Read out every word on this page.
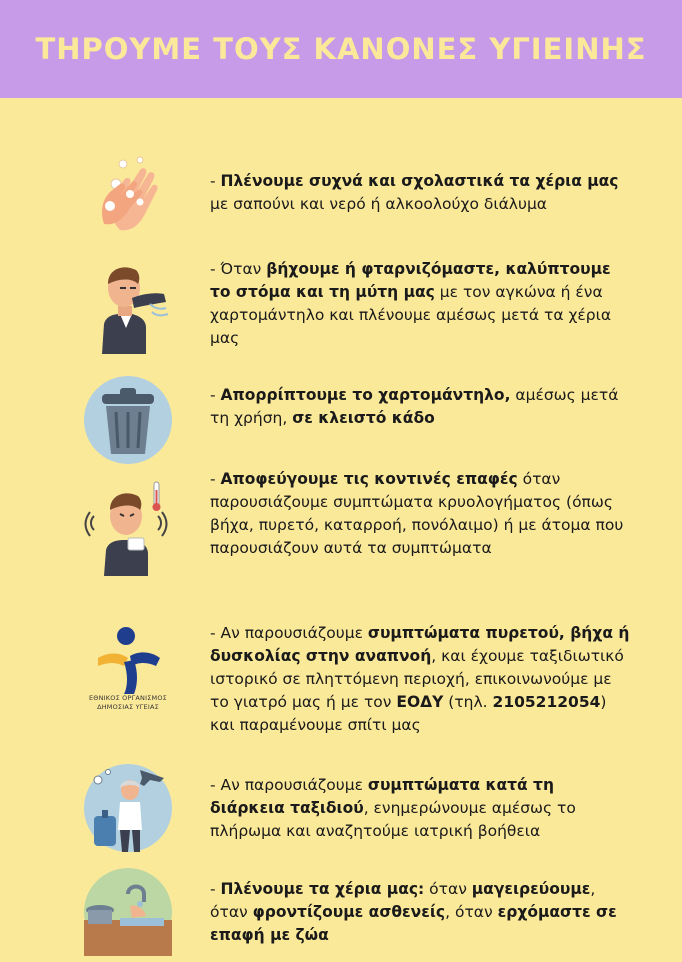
ΤΗΡΟΥΜΕ ΤΟΥΣ ΚΑΝΟΝΕΣ ΥΓΙΕΙΝΗΣ
- Πλένουμε συχνά και σχολαστικά τα χέρια μας με σαπούνι και νερό ή αλκοολούχο διάλυμα
- Όταν βήχουμε ή φταρνιζόμαστε, καλύπτουμε το στόμα και τη μύτη μας με τον αγκώνα ή ένα χαρτομάντηλο και πλένουμε αμέσως μετά τα χέρια μας
- Απορρίπτουμε το χαρτομάντηλο, αμέσως μετά τη χρήση, σε κλειστό κάδο
- Αποφεύγουμε τις κοντινές επαφές όταν παρουσιάζουμε συμπτώματα κρυολογήματος (όπως βήχα, πυρετό, καταρροή, πονόλαιμο) ή με άτομα που παρουσιάζουν αυτά τα συμπτώματα
ΕΘΝΙΚΟΣ ΟΡΓΑΝΙΣΜΟΣ ΔΗΜΟΣΙΑΣ ΥΓΕΙΑΣ
- Αν παρουσιάζουμε συμπτώματα πυρετού, βήχα ή δυσκολίας στην αναπνοή, και έχουμε ταξιδιωτικό ιστορικό σε πληττόμενη περιοχή, επικοινωνούμε με το γιατρό μας ή με τον ΕΟΔΥ (τηλ. 2105212054) και παραμένουμε σπίτι μας
- Αν παρουσιάζουμε συμπτώματα κατά τη διάρκεια ταξιδιού, ενημερώνουμε αμέσως το πλήρωμα και αναζητούμε ιατρική βοήθεια
- Πλένουμε τα χέρια μας: όταν μαγειρεύουμε, όταν φροντίζουμε ασθενείς, όταν ερχόμαστε σε επαφή με ζώα
